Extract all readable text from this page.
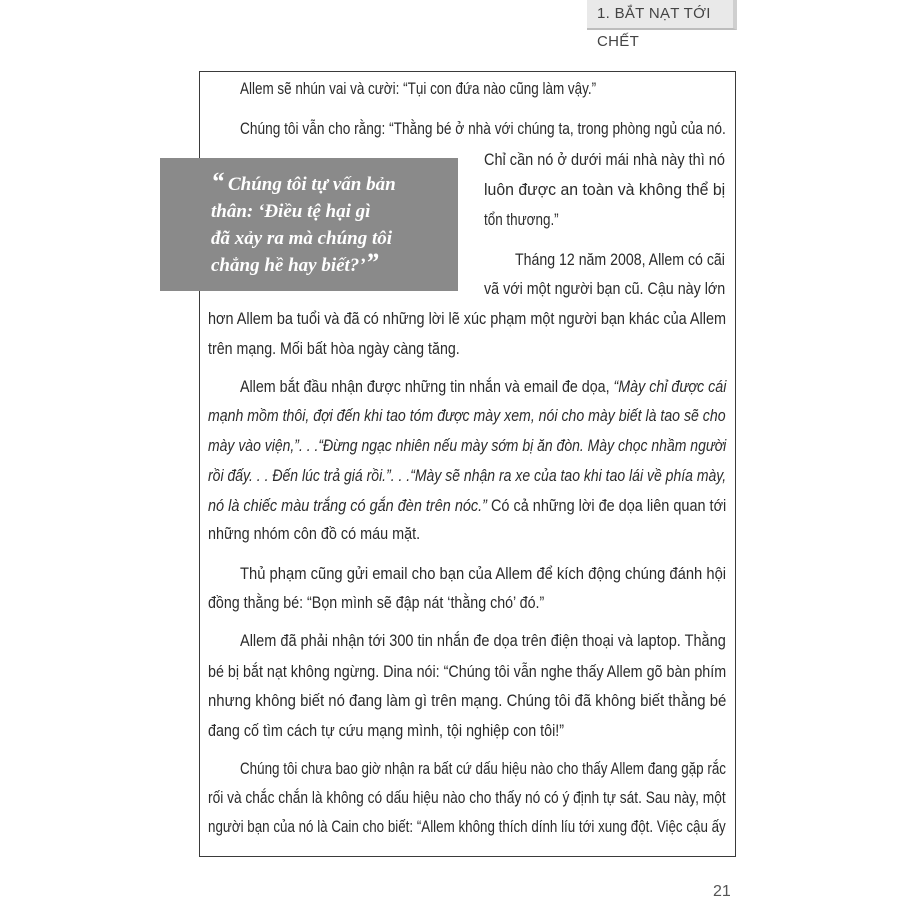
1. BẮT NẠT TỚI CHẾT
Allem sẽ nhún vai và cười: “Tụi con đứa nào cũng làm vậy.”
Chúng tôi vẫn cho rằng: “Thằng bé ở nhà với chúng ta, trong phòng ngủ của nó.
Chỉ cần nó ở dưới mái nhà này thì nó
luôn được an toàn và không thể bị
tổn thương.”
Tháng 12 năm 2008, Allem có cãi
vã với một người bạn cũ. Cậu này lớn
hơn Allem ba tuổi và đã có những lời lẽ xúc phạm một người bạn khác của Allem
trên mạng. Mối bất hòa ngày càng tăng.
Allem bắt đầu nhận được những tin nhắn và email đe dọa, “Mày chỉ được cái
mạnh mồm thôi, đợi đến khi tao tóm được mày xem, nói cho mày biết là tao sẽ cho
mày vào viện,”. . .“Đừng ngạc nhiên nếu mày sớm bị ăn đòn. Mày chọc nhầm người
rồi đấy. . . Đến lúc trả giá rồi.”. . .“Mày sẽ nhận ra xe của tao khi tao lái về phía mày,
nó là chiếc màu trắng có gắn đèn trên nóc.” Có cả những lời đe dọa liên quan tới
những nhóm côn đồ có máu mặt.
Thủ phạm cũng gửi email cho bạn của Allem để kích động chúng đánh hội
đồng thằng bé: “Bọn mình sẽ đập nát ‘thằng chó’ đó.”
Allem đã phải nhận tới 300 tin nhắn đe dọa trên điện thoại và laptop. Thằng
bé bị bắt nạt không ngừng. Dina nói: “Chúng tôi vẫn nghe thấy Allem gõ bàn phím
nhưng không biết nó đang làm gì trên mạng. Chúng tôi đã không biết thằng bé
đang cố tìm cách tự cứu mạng mình, tội nghiệp con tôi!”
Chúng tôi chưa bao giờ nhận ra bất cứ dấu hiệu nào cho thấy Allem đang gặp rắc
rối và chắc chắn là không có dấu hiệu nào cho thấy nó có ý định tự sát. Sau này, một
người bạn của nó là Cain cho biết: “Allem không thích dính líu tới xung đột. Việc cậu ấy
“ Chúng tôi tự vấn bản
thân: ‘Điều tệ hại gì
đã xảy ra mà chúng tôi
chẳng hề hay biết?’”
21
